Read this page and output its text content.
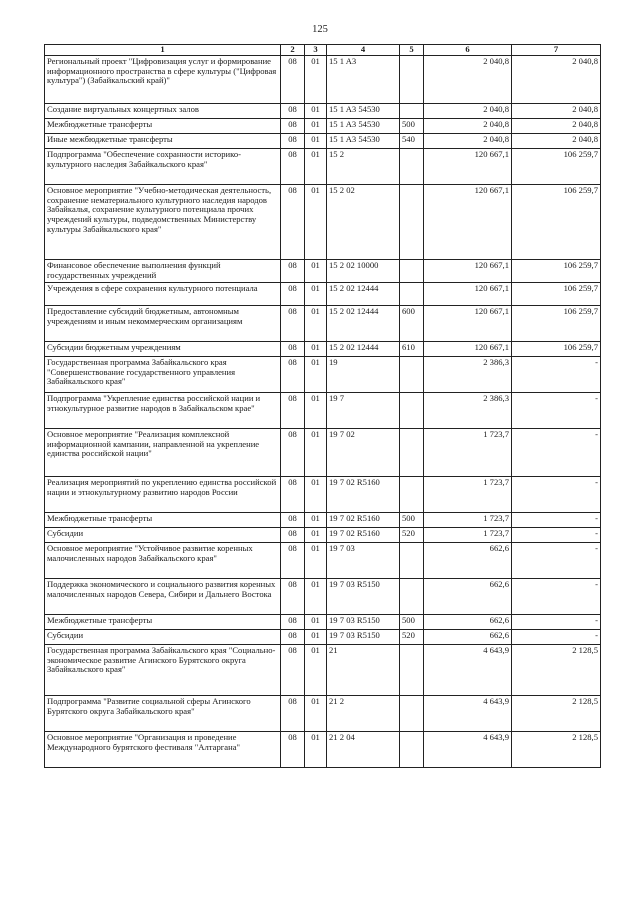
125
1	2	3	4	5	6	7
Региональный проект "Цифровизация услуг и формирование информационного пространства в сфере культуры ("Цифровая культура") (Забайкальский край)"	08	01	15 1 A3		2 040,8	2 040,8
Создание виртуальных концертных залов	08	01	15 1 A3 54530		2 040,8	2 040,8
Межбюджетные трансферты	08	01	15 1 A3 54530	500	2 040,8	2 040,8
Иные межбюджетные трансферты	08	01	15 1 A3 54530	540	2 040,8	2 040,8
Подпрограмма "Обеспечение сохранности историко-культурного наследия Забайкальского края"	08	01	15 2		120 667,1	106 259,7
Основное мероприятие "Учебно-методическая деятельность, сохранение нематериального культурного наследия народов Забайкалья, сохранение культурного потенциала прочих учреждений культуры, подведомственных Министерству культуры Забайкальского края"	08	01	15 2 02		120 667,1	106 259,7
Финансовое обеспечение выполнения функций государственных учреждений	08	01	15 2 02 10000		120 667,1	106 259,7
Учреждения в сфере сохранения культурного потенциала	08	01	15 2 02 12444		120 667,1	106 259,7
Предоставление субсидий бюджетным, автономным учреждениям и иным некоммерческим организациям	08	01	15 2 02 12444	600	120 667,1	106 259,7
Субсидии бюджетным учреждениям	08	01	15 2 02 12444	610	120 667,1	106 259,7
Государственная программа Забайкальского края "Совершенствование государственного управления Забайкальского края"	08	01	19		2 386,3	-
Подпрограмма "Укрепление единства российской нации и этнокультурное развитие народов в Забайкальском крае"	08	01	19 7		2 386,3	-
Основное мероприятие "Реализация комплексной информационной кампании, направленной на укрепление единства российской нации"	08	01	19 7 02		1 723,7	-
Реализация мероприятий по укреплению единства российской нации и этнокультурному развитию народов России	08	01	19 7 02 R5160		1 723,7	-
Межбюджетные трансферты	08	01	19 7 02 R5160	500	1 723,7	-
Субсидии	08	01	19 7 02 R5160	520	1 723,7	-
Основное мероприятие "Устойчивое развитие коренных малочисленных народов Забайкальского края"	08	01	19 7 03		662,6	-
Поддержка экономического и социального развития коренных малочисленных народов Севера, Сибири и Дальнего Востока	08	01	19 7 03 R5150		662,6	-
Межбюджетные трансферты	08	01	19 7 03 R5150	500	662,6	-
Субсидии	08	01	19 7 03 R5150	520	662,6	-
Государственная программа Забайкальского края "Социально-экономическое развитие Агинского Бурятского округа Забайкальского края"	08	01	21		4 643,9	2 128,5
Подпрограмма "Развитие социальной сферы Агинского Бурятского округа Забайкальского края"	08	01	21 2		4 643,9	2 128,5
Основное мероприятие "Организация и проведение Международного бурятского фестиваля "Алтаргана"	08	01	21 2 04		4 643,9	2 128,5
